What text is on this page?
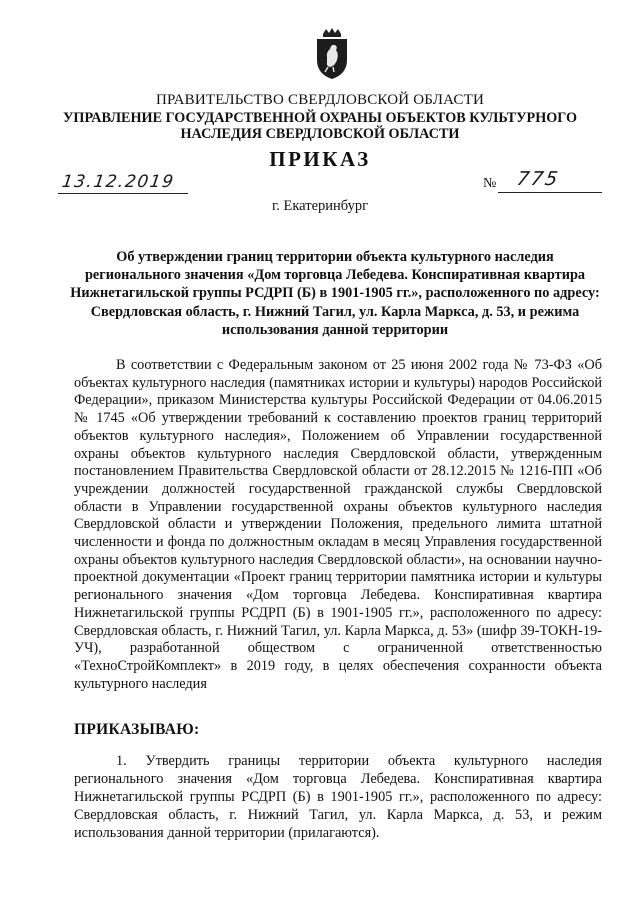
ПРАВИТЕЛЬСТВО СВЕРДЛОВСКОЙ ОБЛАСТИ
УПРАВЛЕНИЕ ГОСУДАРСТВЕННОЙ ОХРАНЫ ОБЪЕКТОВ КУЛЬТУРНОГО НАСЛЕДИЯ СВЕРДЛОВСКОЙ ОБЛАСТИ
ПРИКАЗ
13.12.2019	№ 775
г. Екатеринбург
Об утверждении границ территории объекта культурного наследия регионального значения «Дом торговца Лебедева. Конспиративная квартира Нижнетагильской группы РСДРП (Б) в 1901-1905 гг.», расположенного по адресу: Свердловская область, г. Нижний Тагил, ул. Карла Маркса, д. 53, и режима использования данной территории

В соответствии с Федеральным законом от 25 июня 2002 года № 73-ФЗ «Об объектах культурного наследия (памятниках истории и культуры) народов Российской Федерации», приказом Министерства культуры Российской Федерации от 04.06.2015 № 1745 «Об утверждении требований к составлению проектов границ территорий объектов культурного наследия», Положением об Управлении государственной охраны объектов культурного наследия Свердловской области, утвержденным постановлением Правительства Свердловской области от 28.12.2015 № 1216-ПП «Об учреждении должностей государственной гражданской службы Свердловской области в Управлении государственной охраны объектов культурного наследия Свердловской области и утверждении Положения, предельного лимита штатной численности и фонда по должностным окладам в месяц Управления государственной охраны объектов культурного наследия Свердловской области», на основании научно-проектной документации «Проект границ территории памятника истории и культуры регионального значения «Дом торговца Лебедева. Конспиративная квартира Нижнетагильской группы РСДРП (Б) в 1901-1905 гг.», расположенного по адресу: Свердловская область, г. Нижний Тагил, ул. Карла Маркса, д. 53» (шифр 39-ТОКН-19-УЧ), разработанной обществом с ограниченной ответственностью «ТехноСтройКомплект» в 2019 году, в целях обеспечения сохранности объекта культурного наследия

ПРИКАЗЫВАЮ:

1. Утвердить границы территории объекта культурного наследия регионального значения «Дом торговца Лебедева. Конспиративная квартира Нижнетагильской группы РСДРП (Б) в 1901-1905 гг.», расположенного по адресу: Свердловская область, г. Нижний Тагил, ул. Карла Маркса, д. 53, и режим использования данной территории (прилагаются).
